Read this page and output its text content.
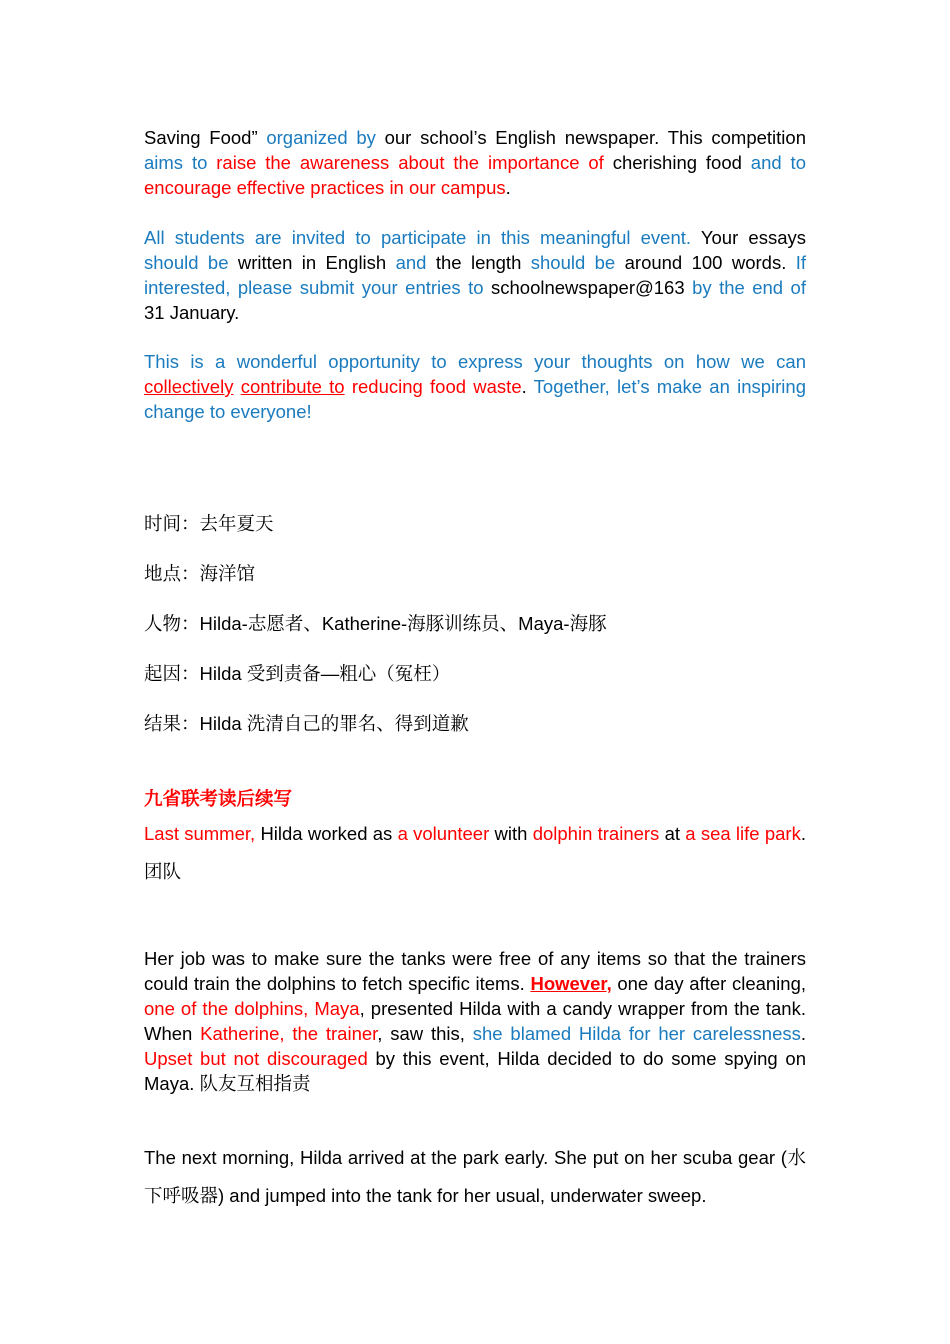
Saving Food” organized by our school’s English newspaper. This competition aims to raise the awareness about the importance of cherishing food and to encourage effective practices in our campus.
All students are invited to participate in this meaningful event. Your essays should be written in English and the length should be around 100 words. If interested, please submit your entries to schoolnewspaper@163 by the end of 31 January.
This is a wonderful opportunity to express your thoughts on how we can collectively contribute to reducing food waste. Together, let’s make an inspiring change to everyone!
时间：去年夏天
地点：海洋馆
人物：Hilda-志愿者、Katherine-海豚训练员、Maya-海豚
起因：Hilda 受到责备—粗心（冤枉）
结果：Hilda 洗清自己的罪名、得到道歉
九省联考读后续写
Last summer, Hilda worked as a volunteer with dolphin trainers at a sea life park. 团队
Her job was to make sure the tanks were free of any items so that the trainers could train the dolphins to fetch specific items. However, one day after cleaning, one of the dolphins, Maya, presented Hilda with a candy wrapper from the tank. When Katherine, the trainer, saw this, she blamed Hilda for her carelessness. Upset but not discouraged by this event, Hilda decided to do some spying on Maya. 队友互相指责
The next morning, Hilda arrived at the park early. She put on her scuba gear (水下呼吸器) and jumped into the tank for her usual, underwater sweep.
